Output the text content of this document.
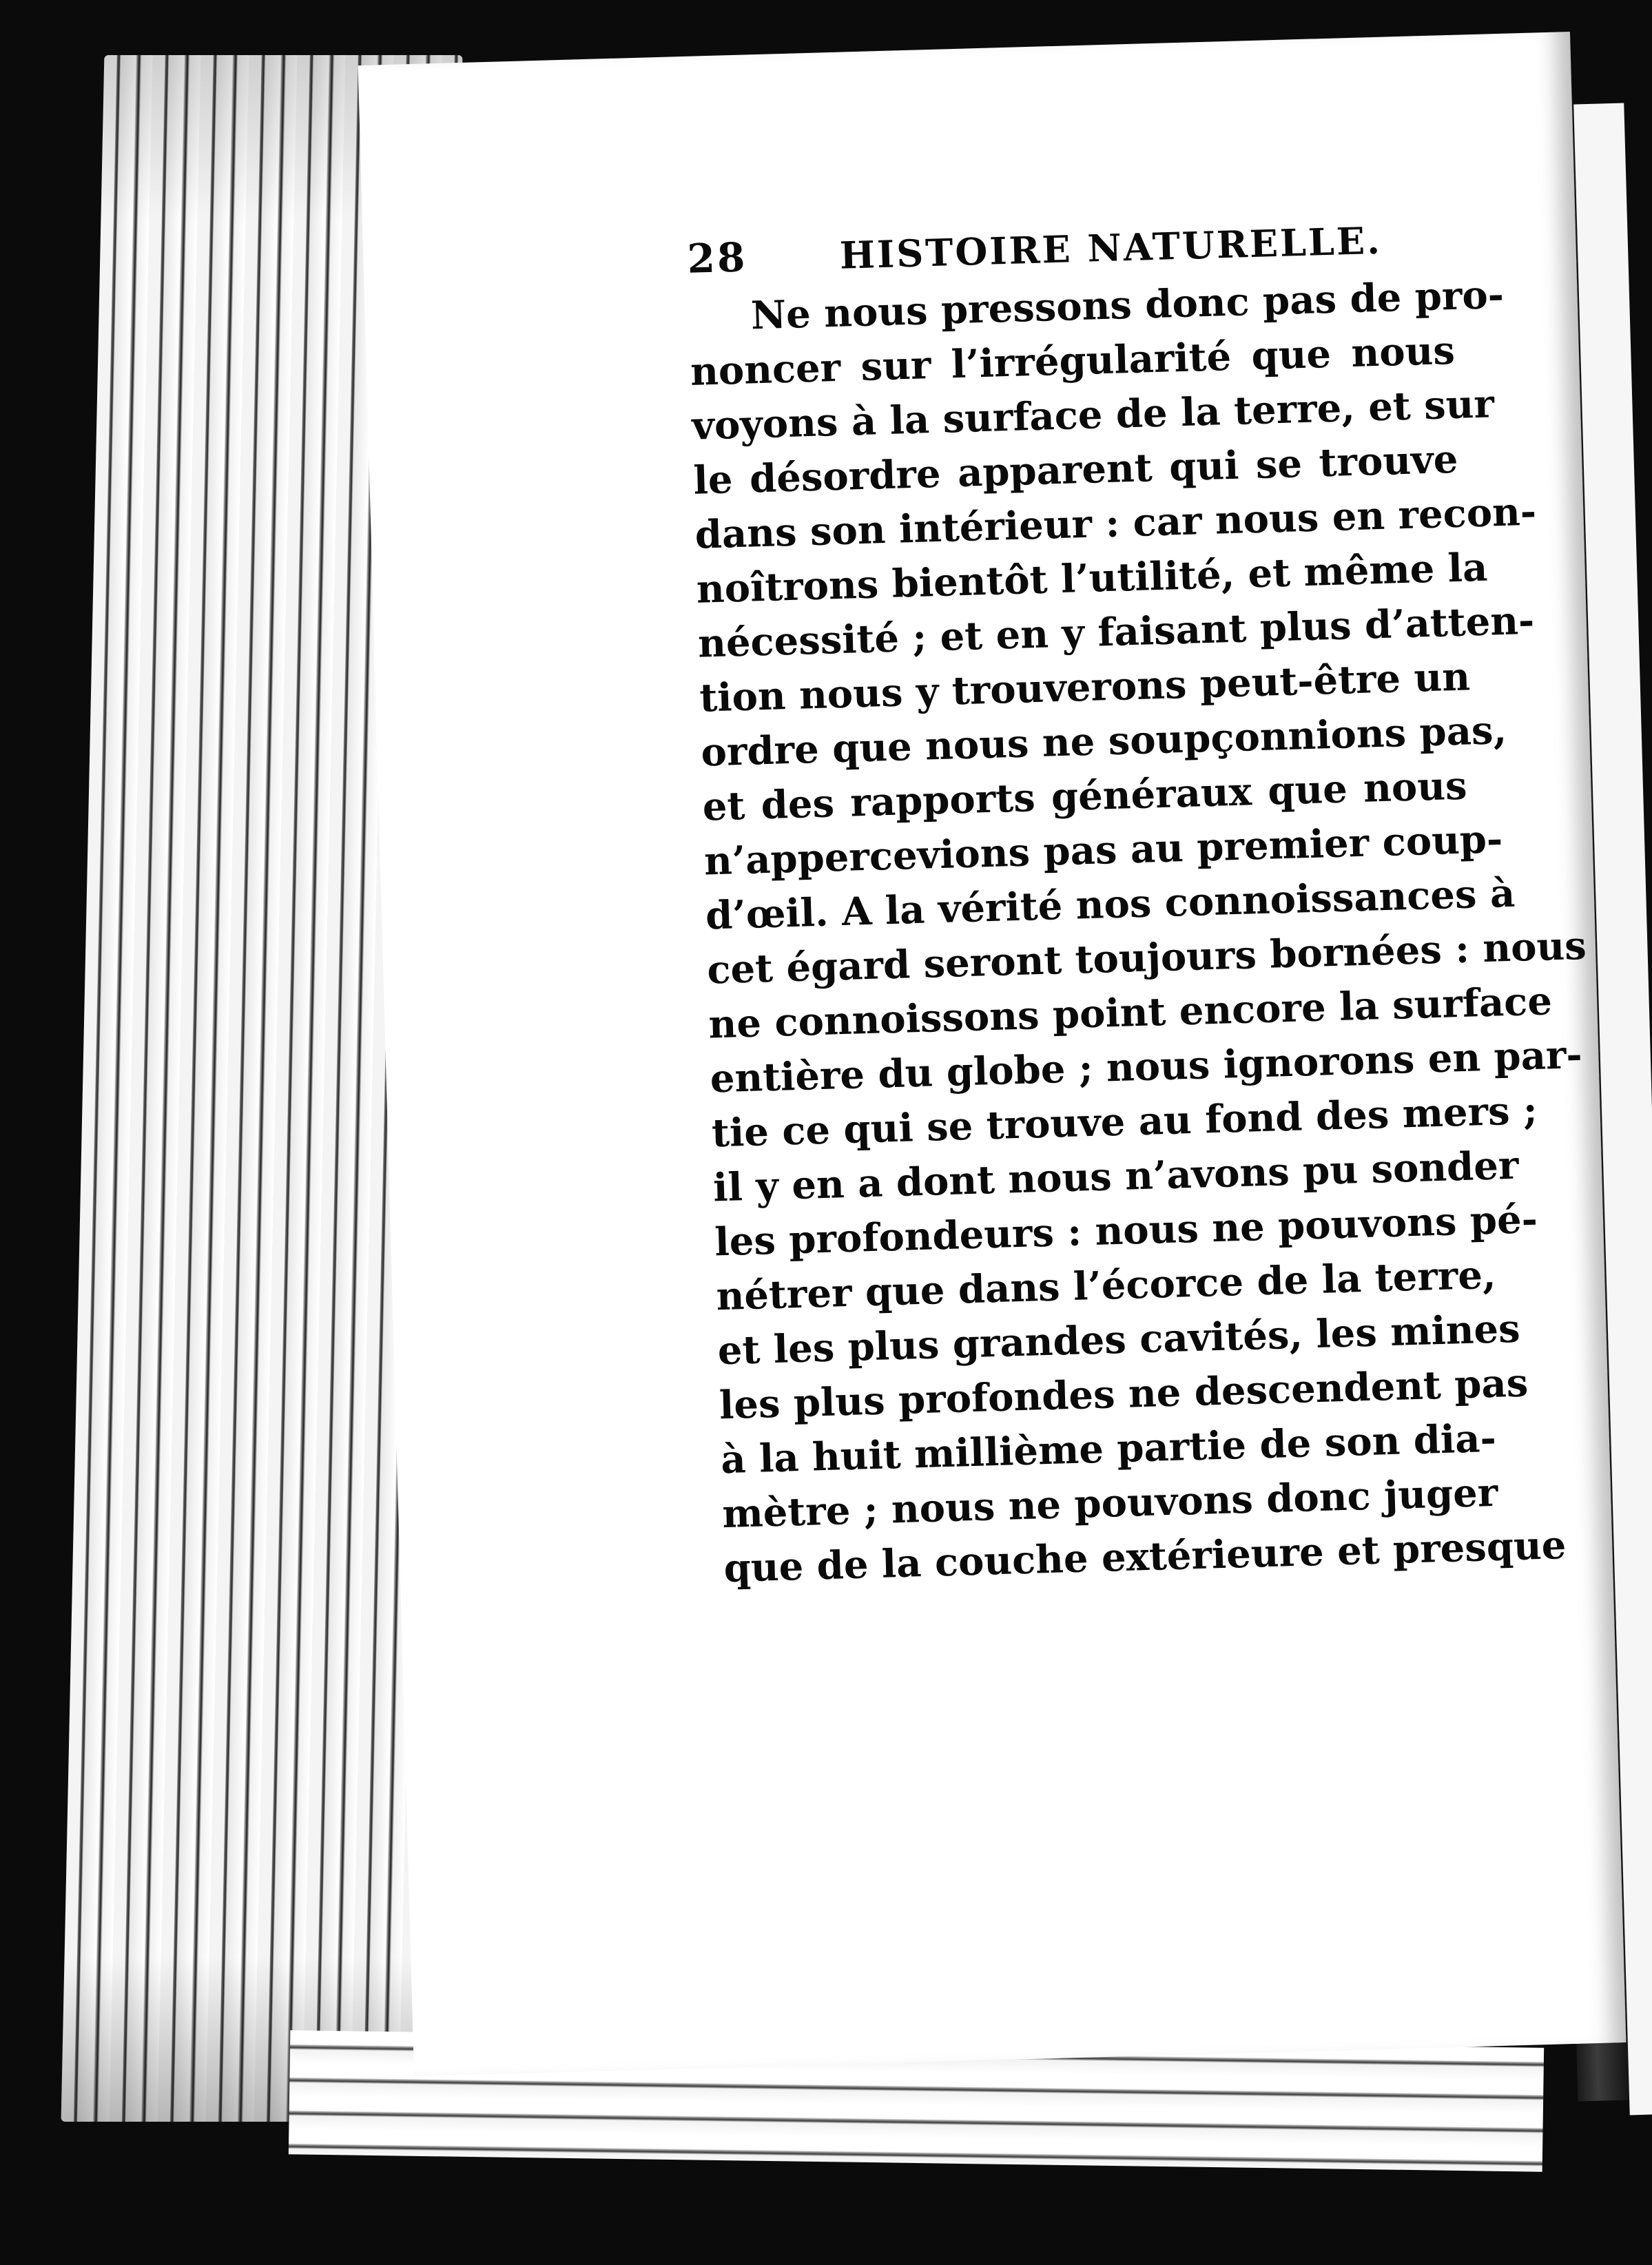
28	HISTOIRE NATURELLE.
Ne nous pressons donc pas de pro-
noncer sur l’irrégularité que nous
voyons à la surface de la terre, et sur
le désordre apparent qui se trouve
dans son intérieur : car nous en recon-
noîtrons bientôt l’utilité, et même la
nécessité ; et en y faisant plus d’atten-
tion nous y trouverons peut-être un
ordre que nous ne soupçonnions pas,
et des rapports généraux que nous
n’appercevions pas au premier coup-
d’œil. A la vérité nos connoissances à
cet égard seront toujours bornées : nous
ne connoissons point encore la surface
entière du globe ; nous ignorons en par-
tie ce qui se trouve au fond des mers ;
il y en a dont nous n’avons pu sonder
les profondeurs : nous ne pouvons pé-
nétrer que dans l’écorce de la terre,
et les plus grandes cavités, les mines
les plus profondes ne descendent pas
à la huit millième partie de son dia-
mètre ; nous ne pouvons donc juger
que de la couche extérieure et presque
